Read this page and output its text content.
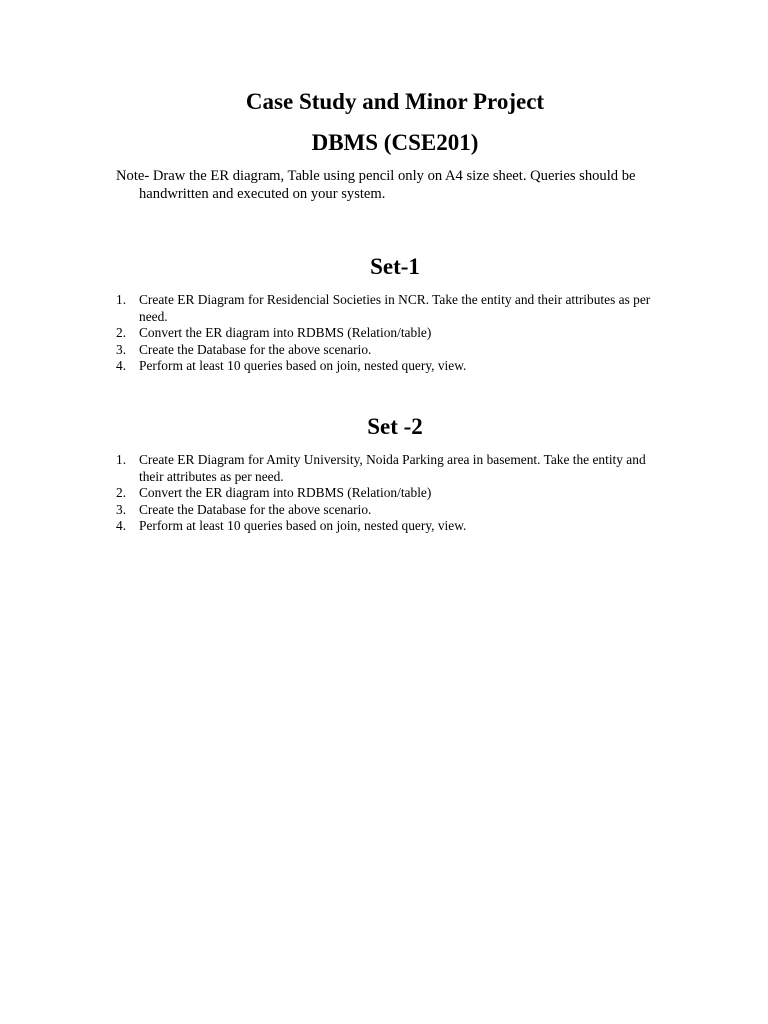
Case Study and Minor Project
DBMS (CSE201)

Note- Draw the ER diagram, Table using pencil only on A4 size sheet. Queries should be handwritten and executed on your system.

Set-1
1. Create ER Diagram for Residencial Societies in NCR. Take the entity and their attributes as per need.
2. Convert the ER diagram into RDBMS (Relation/table)
3. Create the Database for the above scenario.
4. Perform at least 10 queries based on join, nested query, view.
Set -2
1. Create ER Diagram for Amity University, Noida Parking area in basement. Take the entity and their attributes as per need.
2. Convert the ER diagram into RDBMS (Relation/table)
3. Create the Database for the above scenario.
4. Perform at least 10 queries based on join, nested query, view.
